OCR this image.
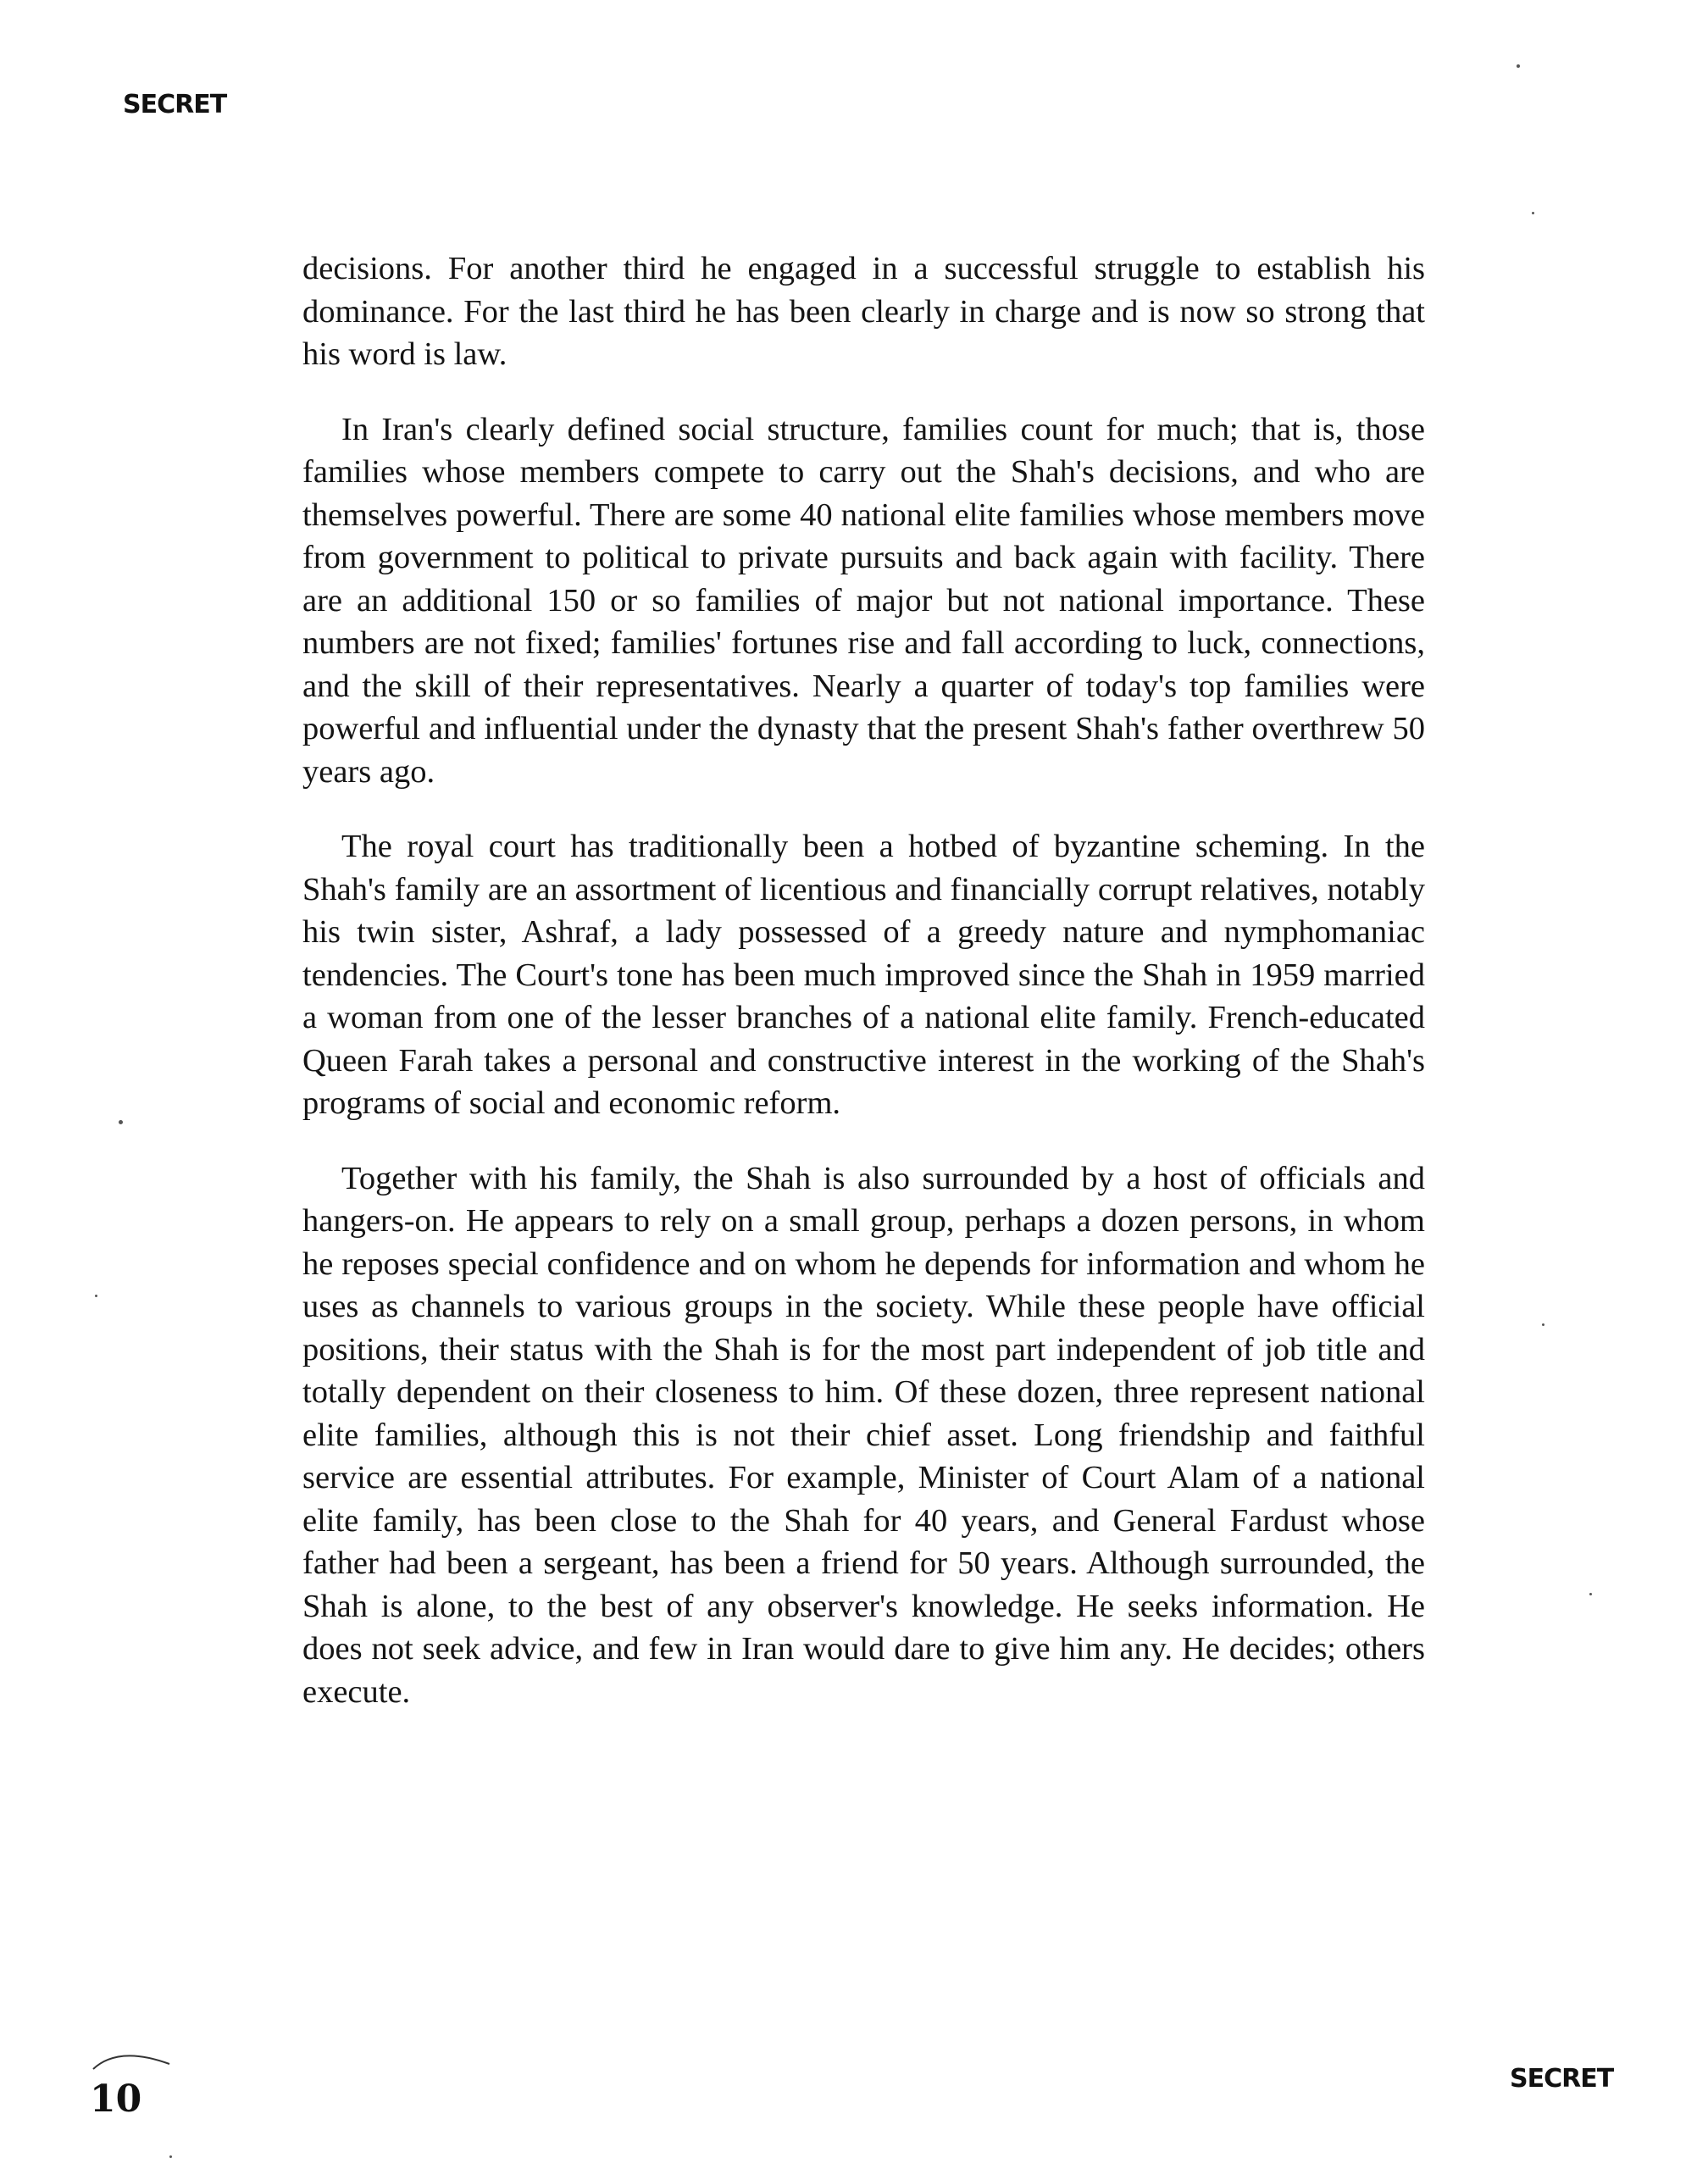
SECRET

decisions. For another third he engaged in a successful struggle to establish his dominance. For the last third he has been clearly in charge and is now so strong that his word is law.

In Iran's clearly defined social structure, families count for much; that is, those families whose members compete to carry out the Shah's decisions, and who are themselves powerful. There are some 40 national elite families whose members move from government to political to private pursuits and back again with facility. There are an additional 150 or so families of major but not national importance. These numbers are not fixed; families' fortunes rise and fall according to luck, connections, and the skill of their representatives. Nearly a quarter of today's top families were powerful and influential under the dynasty that the present Shah's father overthrew 50 years ago.

The royal court has traditionally been a hotbed of byzantine scheming. In the Shah's family are an assortment of licentious and financially corrupt relatives, notably his twin sister, Ashraf, a lady possessed of a greedy nature and nymphomaniac tendencies. The Court's tone has been much improved since the Shah in 1959 married a woman from one of the lesser branches of a national elite family. French-educated Queen Farah takes a personal and constructive interest in the working of the Shah's programs of social and economic reform.

Together with his family, the Shah is also surrounded by a host of officials and hangers-on. He appears to rely on a small group, perhaps a dozen persons, in whom he reposes special confidence and on whom he depends for information and whom he uses as channels to various groups in the society. While these people have official positions, their status with the Shah is for the most part independent of job title and totally dependent on their closeness to him. Of these dozen, three represent national elite families, although this is not their chief asset. Long friendship and faithful service are essential attributes. For example, Minister of Court Alam of a national elite family, has been close to the Shah for 40 years, and General Fardust whose father had been a sergeant, has been a friend for 50 years. Although surrounded, the Shah is alone, to the best of any observer's knowledge. He seeks information. He does not seek advice, and few in Iran would dare to give him any. He decides; others execute.

10	SECRET
